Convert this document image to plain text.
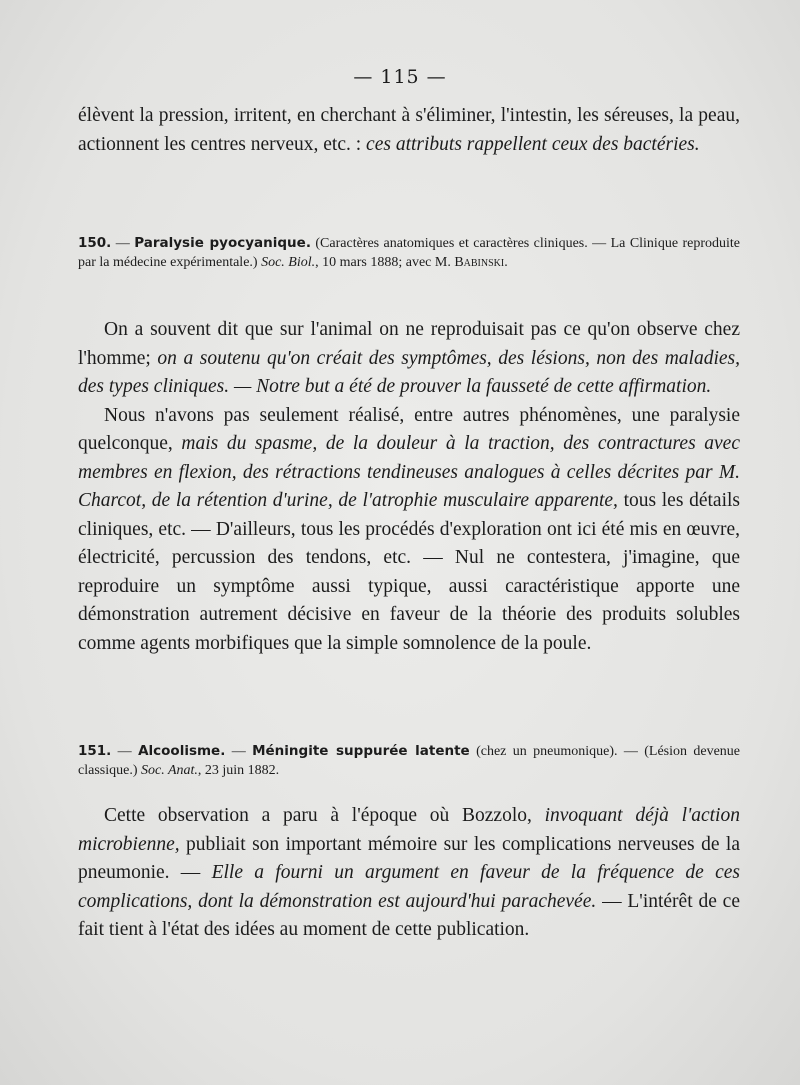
— 115 —

élèvent la pression, irritent, en cherchant à s'éliminer, l'intestin, les séreuses, la peau, actionnent les centres nerveux, etc. : ces attributs rappellent ceux des bactéries.

150. — Paralysie pyocyanique. (Caractères anatomiques et caractères cliniques. — La Clinique reproduite par la médecine expérimentale.) Soc. Biol., 10 mars 1888; avec M. Babinski.

On a souvent dit que sur l'animal on ne reproduisait pas ce qu'on observe chez l'homme; on a soutenu qu'on créait des symptômes, des lésions, non des maladies, des types cliniques. — Notre but a été de prouver la fausseté de cette affirmation.

Nous n'avons pas seulement réalisé, entre autres phénomènes, une paralysie quelconque, mais du spasme, de la douleur à la traction, des contractures avec membres en flexion, des rétractions tendineuses analogues à celles décrites par M. Charcot, de la rétention d'urine, de l'atrophie musculaire apparente, tous les détails cliniques, etc. — D'ailleurs, tous les procédés d'exploration ont ici été mis en œuvre, électricité, percussion des tendons, etc. — Nul ne contestera, j'imagine, que reproduire un symptôme aussi typique, aussi caractéristique apporte une démonstration autrement décisive en faveur de la théorie des produits solubles comme agents morbifiques que la simple somnolence de la poule.

151. — Alcoolisme. — Méningite suppurée latente (chez un pneumonique). — (Lésion devenue classique.) Soc. Anat., 23 juin 1882.

Cette observation a paru à l'époque où Bozzolo, invoquant déjà l'action microbienne, publiait son important mémoire sur les complications nerveuses de la pneumonie. — Elle a fourni un argument en faveur de la fréquence de ces complications, dont la démonstration est aujourd'hui parachevée. — L'intérêt de ce fait tient à l'état des idées au moment de cette publication.
